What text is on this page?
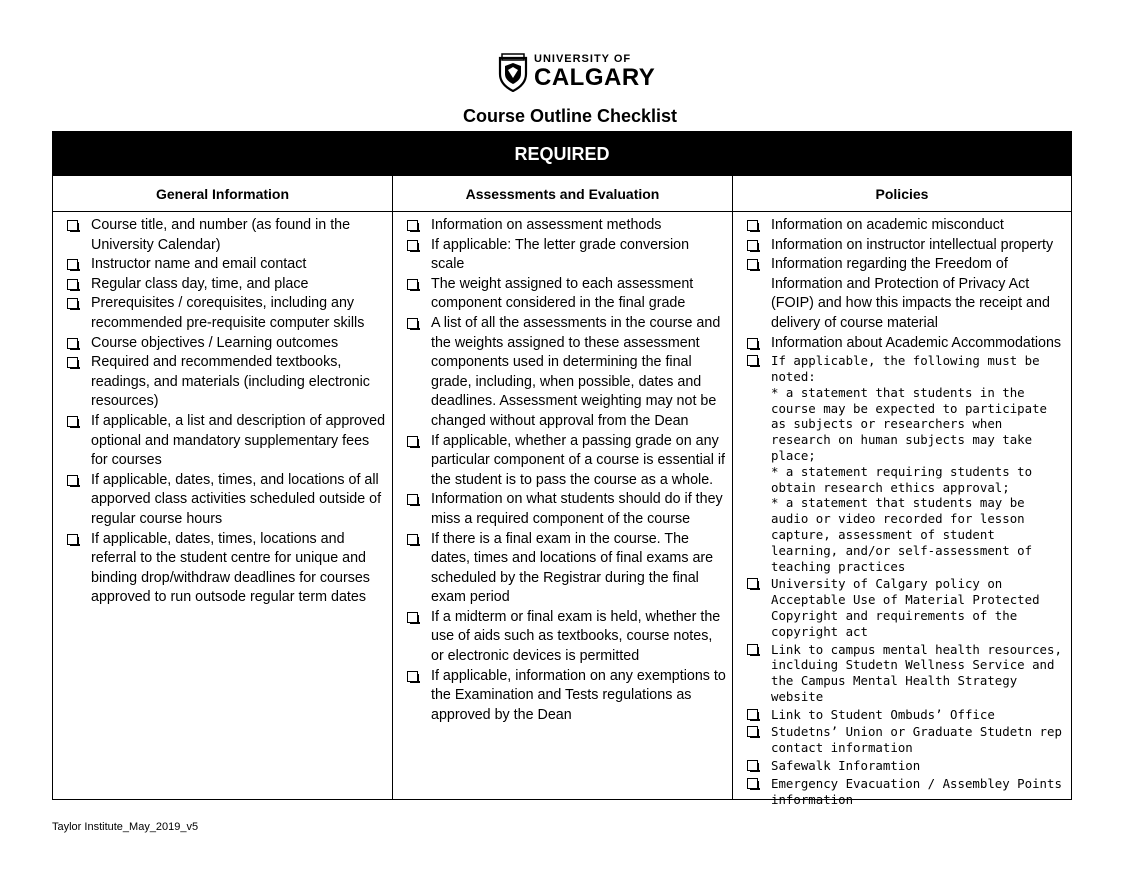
UNIVERSITY OF
CALGARY
Course Outline Checklist
REQUIRED
General Information
Course title, and number (as found in the University Calendar)
Instructor name and email contact
Regular class day, time, and place
Prerequisites / corequisites, including any recommended pre-requisite computer skills
Course objectives / Learning outcomes
Required and recommended textbooks, readings, and materials (including electronic resources)
If applicable, a list and description of approved optional and mandatory supplementary fees for courses
If applicable, dates, times, and locations of all apporved class activities scheduled outside of regular course hours
If applicable, dates, times, locations and referral to the student centre for unique and binding drop/withdraw deadlines for courses approved to run outsode regular term dates
Assessments and Evaluation
Information on assessment methods
If applicable: The letter grade conversion scale
The weight assigned to each assessment component considered in the final grade
A list of all the assessments in the course and the weights assigned to these assessment components used in determining the final grade, including, when possible, dates and deadlines. Assessment weighting may not be changed without approval from the Dean
If applicable, whether a passing grade on any particular component of a course is essential if the student is to pass the course as a whole.
Information on what students should do if they miss a required component of the course
If there is a final exam in the course. The dates, times and locations of final exams are scheduled by the Registrar during the final exam period
If a midterm or final exam is held, whether the use of aids such as textbooks, course notes, or electronic devices is permitted
If applicable, information on any exemptions to the Examination and Tests regulations as approved by the Dean
Policies
Information on academic misconduct
Information on instructor intellectual property
Information regarding the Freedom of Information and Protection of Privacy Act (FOIP) and how this impacts the receipt and delivery of course material
Information about Academic Accommodations
If applicable, the following must be noted:
* a statement that students in the course may be expected to participate as subjects or researchers when research on human subjects may take place;
* a statement requiring students to obtain research ethics approval;
* a statement that students may be audio or video recorded for lesson capture, assessment of student learning, and/or self-assessment of teaching practices
University of Calgary policy on Acceptable Use of Material Protected Copyright and requirements of the copyright act
Link to campus mental health resources, inclduing Studetn Wellness Service and the Campus Mental Health Strategy website
Link to Student Ombuds’ Office
Studetns’ Union or Graduate Studetn rep contact information
Safewalk Inforamtion
Emergency Evacuation / Assembley Points information
Taylor Institute_May_2019_v5
